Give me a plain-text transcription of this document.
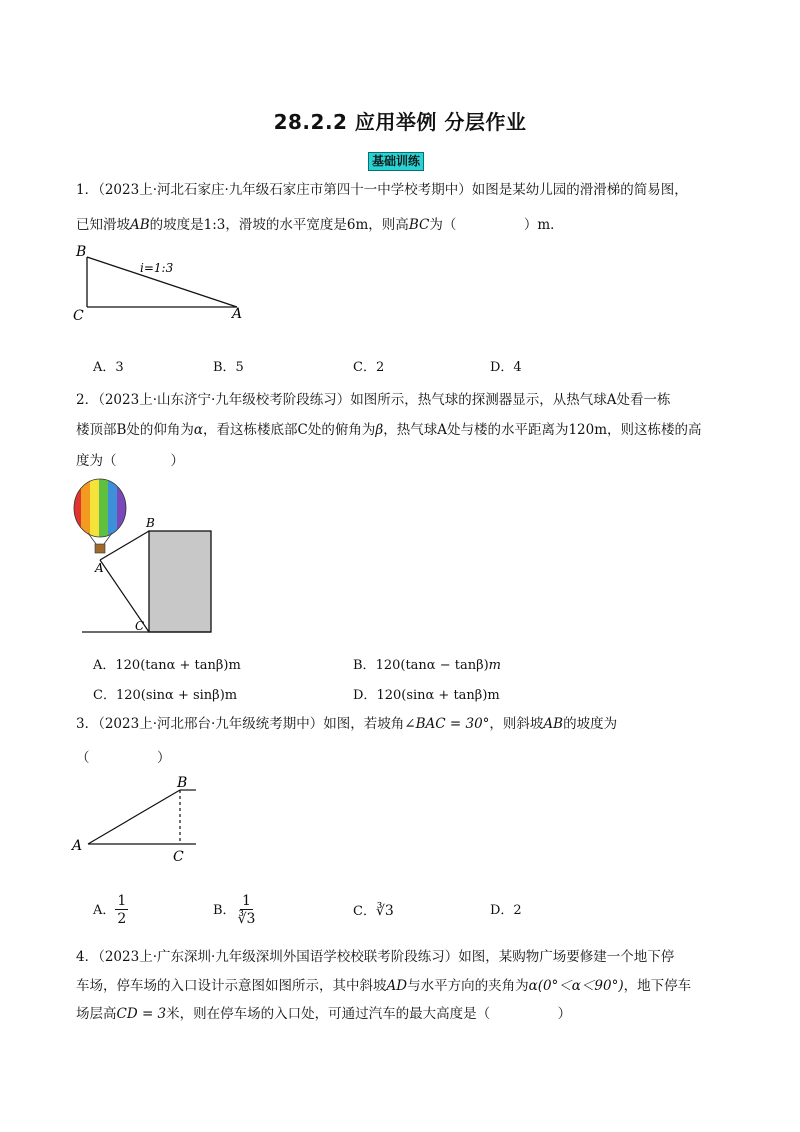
28.2.2 应用举例 分层作业
基础训练
1．（2023上·河北石家庄·九年级石家庄市第四十一中学校考期中）如图是某幼儿园的滑滑梯的简易图，
已知滑坡AB的坡度是1:3，滑坡的水平宽度是6m，则高BC为（　　　　　）m．
B
C	A
i=1:3
A．3	B．5	C．2	D．4
2．（2023上·山东济宁·九年级校考阶段练习）如图所示，热气球的探测器显示，从热气球A处看一栋
楼顶部B处的仰角为α，看这栋楼底部C处的俯角为β，热气球A处与楼的水平距离为120m，则这栋楼的高
度为（　　　　）
B
A
C
A．120(tanα + tanβ)m	B．120(tanα − tanβ)m
C．120(sinα + sinβ)m	D．120(sinα + tanβ)m
3．（2023上·河北邢台·九年级统考期中）如图，若坡角∠BAC = 30°，则斜坡AB的坡度为
（　　　　　）
B
A
C
A． $\frac{1}{2}$	B． $\frac{1}{∛3}$	C．∛3	D．2
4．（2023上·广东深圳·九年级深圳外国语学校校联考阶段练习）如图，某购物广场要修建一个地下停
车场，停车场的入口设计示意图如图所示，其中斜坡AD与水平方向的夹角为α(0°＜α＜90°)，地下停车
场层高CD = 3米，则在停车场的入口处，可通过汽车的最大高度是（　　　　　）
